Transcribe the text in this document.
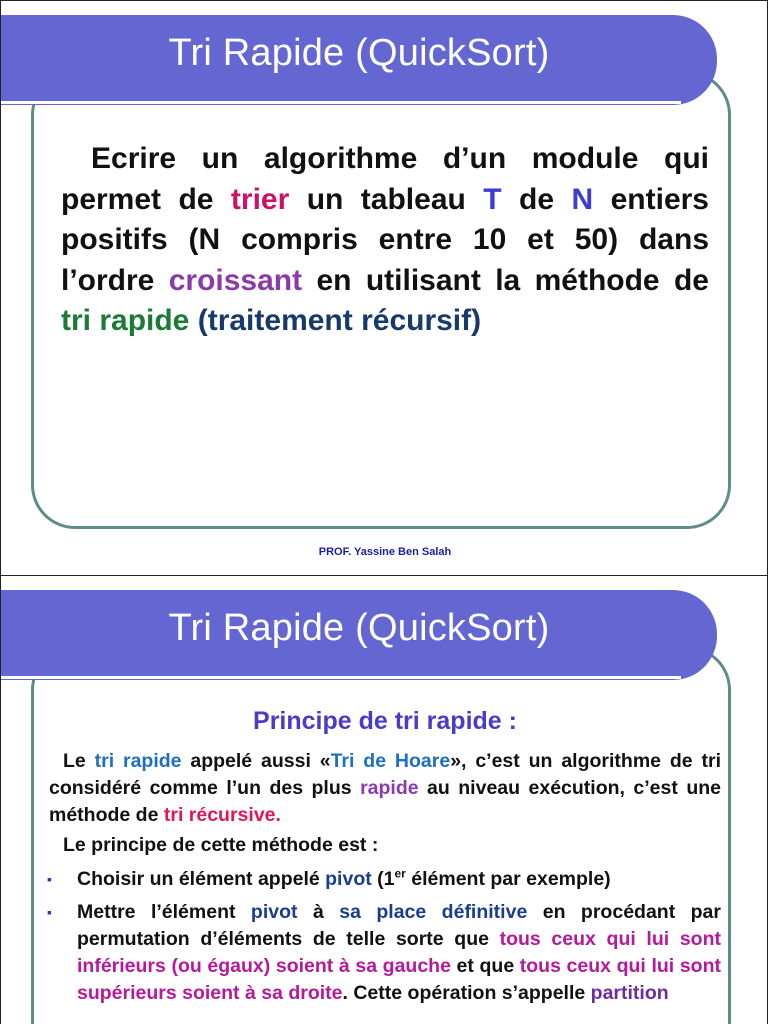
Tri Rapide (QuickSort)
Ecrire un algorithme d’un module qui permet de trier un tableau T de N entiers positifs (N compris entre 10 et 50) dans l’ordre croissant en utilisant la méthode de tri rapide (traitement récursif)
PROF. Yassine Ben Salah
Tri Rapide (QuickSort)
Principe de tri rapide :
Le tri rapide appelé aussi «Tri de Hoare», c’est un algorithme de tri considéré comme l’un des plus rapide au niveau exécution, c’est une méthode de tri récursive.
Le principe de cette méthode est :
▪ Choisir un élément appelé pivot (1er élément par exemple)
▪ Mettre l’élément pivot à sa place définitive en procédant par permutation d’éléments de telle sorte que tous ceux qui lui sont inférieurs (ou égaux) soient à sa gauche et que tous ceux qui lui sont supérieurs soient à sa droite. Cette opération s’appelle partition
